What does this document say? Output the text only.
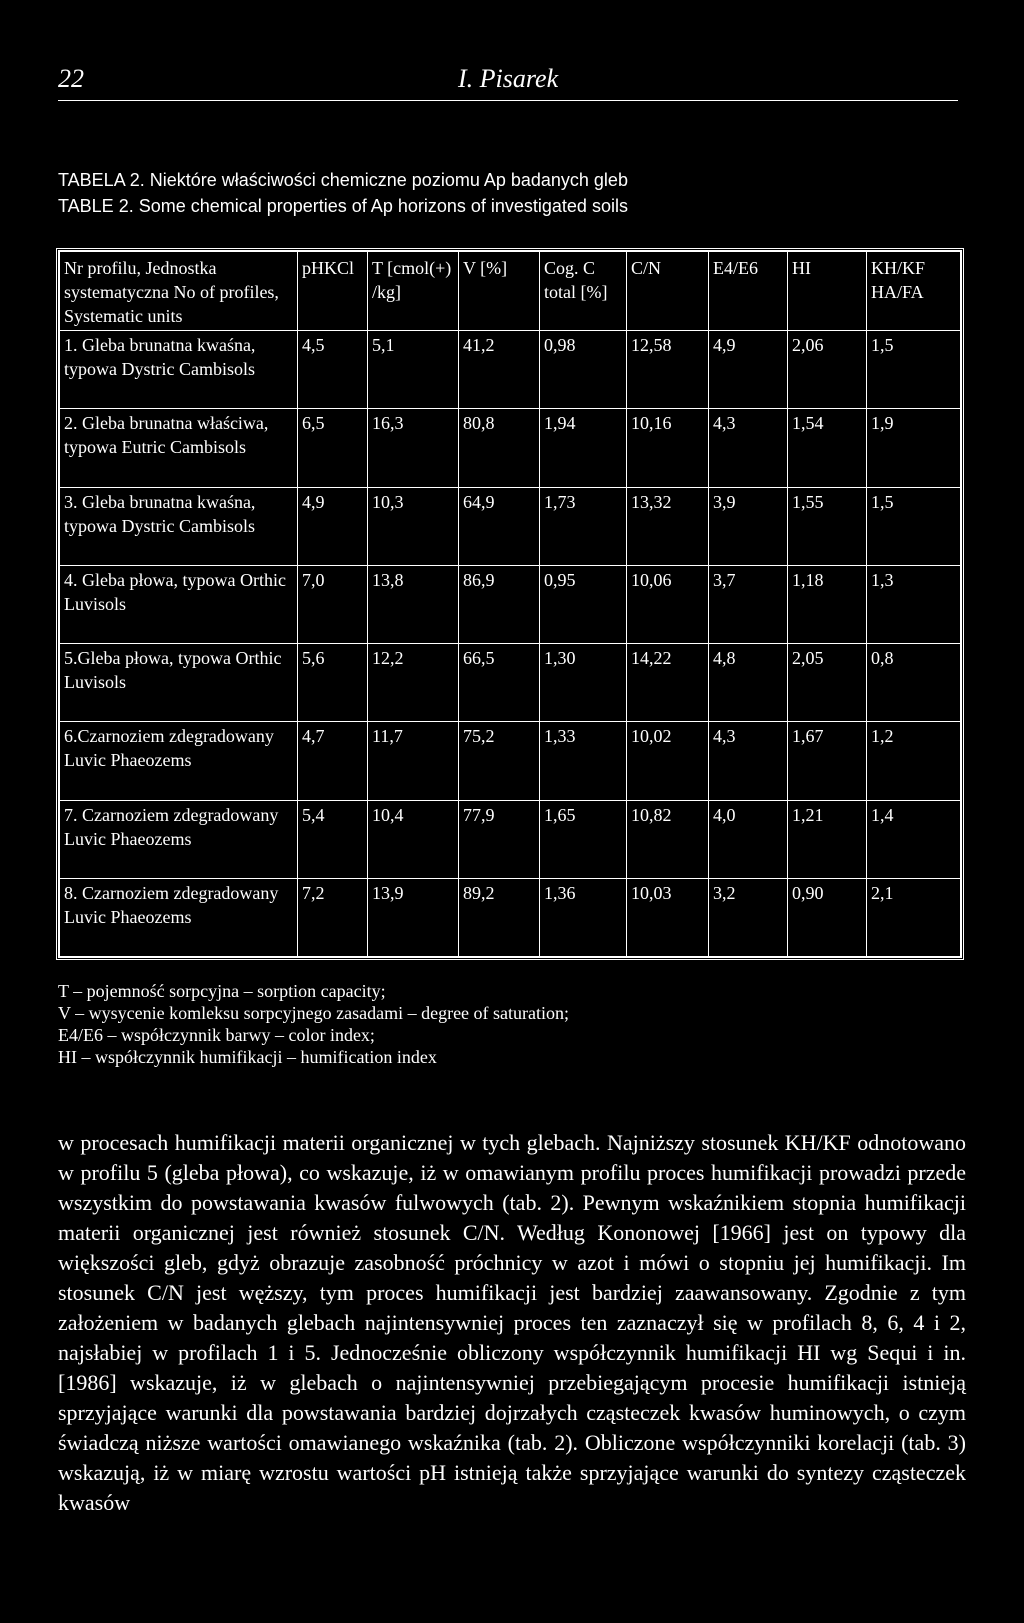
22	I. Pisarek
TABELA 2. Niektóre właściwości chemiczne poziomu Ap badanych gleb
TABLE 2. Some chemical properties of Ap horizons of investigated soils
Nr profilu, Jednostka systematyczna No of profiles, Systematic units	pHKCl	T [cmol(+) /kg]	V [%]	Cog. C total [%]	C/N	E4/E6	HI	KH/KF HA/FA
1. Gleba brunatna kwaśna, typowa Dystric Cambisols	4,5	5,1	41,2	0,98	12,58	4,9	2,06	1,5
2. Gleba brunatna właściwa, typowa Eutric Cambisols	6,5	16,3	80,8	1,94	10,16	4,3	1,54	1,9
3. Gleba brunatna kwaśna, typowa Dystric Cambisols	4,9	10,3	64,9	1,73	13,32	3,9	1,55	1,5
4. Gleba płowa, typowa Orthic Luvisols	7,0	13,8	86,9	0,95	10,06	3,7	1,18	1,3
5.Gleba płowa, typowa Orthic Luvisols	5,6	12,2	66,5	1,30	14,22	4,8	2,05	0,8
6.Czarnoziem zdegradowany Luvic Phaeozems	4,7	11,7	75,2	1,33	10,02	4,3	1,67	1,2
7. Czarnoziem zdegradowany Luvic Phaeozems	5,4	10,4	77,9	1,65	10,82	4,0	1,21	1,4
8. Czarnoziem zdegradowany Luvic Phaeozems	7,2	13,9	89,2	1,36	10,03	3,2	0,90	2,1
T – pojemność sorpcyjna – sorption capacity;
V – wysycenie komleksu sorpcyjnego zasadami – degree of saturation;
E4/E6 – współczynnik barwy – color index;
HI – współczynnik humifikacji – humification index

w procesach humifikacji materii organicznej w tych glebach. Najniższy stosunek KH/KF odnotowano w profilu 5 (gleba płowa), co wskazuje, iż w omawianym profilu proces humifikacji prowadzi przede wszystkim do powstawania kwasów fulwowych (tab. 2). Pewnym wskaźnikiem stopnia humifikacji materii organicznej jest również stosunek C/N. Według Kononowej [1966] jest on typowy dla większości gleb, gdyż obrazuje zasobność próchnicy w azot i mówi o stopniu jej humifikacji. Im stosunek C/N jest węższy, tym proces humifikacji jest bardziej zaawansowany. Zgodnie z tym założeniem w badanych glebach najintensywniej proces ten zaznaczył się w profilach 8, 6, 4 i 2, najsłabiej w profilach 1 i 5. Jednocześnie obliczony współczynnik humifikacji HI wg Sequi i in. [1986] wskazuje, iż w glebach o najintensywniej przebiegającym procesie humifikacji istnieją sprzyjające warunki dla powstawania bardziej dojrzałych cząsteczek kwasów huminowych, o czym świadczą niższe wartości omawianego wskaźnika (tab. 2). Obliczone współczynniki korelacji (tab. 3) wskazują, iż w miarę wzrostu wartości pH istnieją także sprzyjające warunki do syntezy cząsteczek kwasów
